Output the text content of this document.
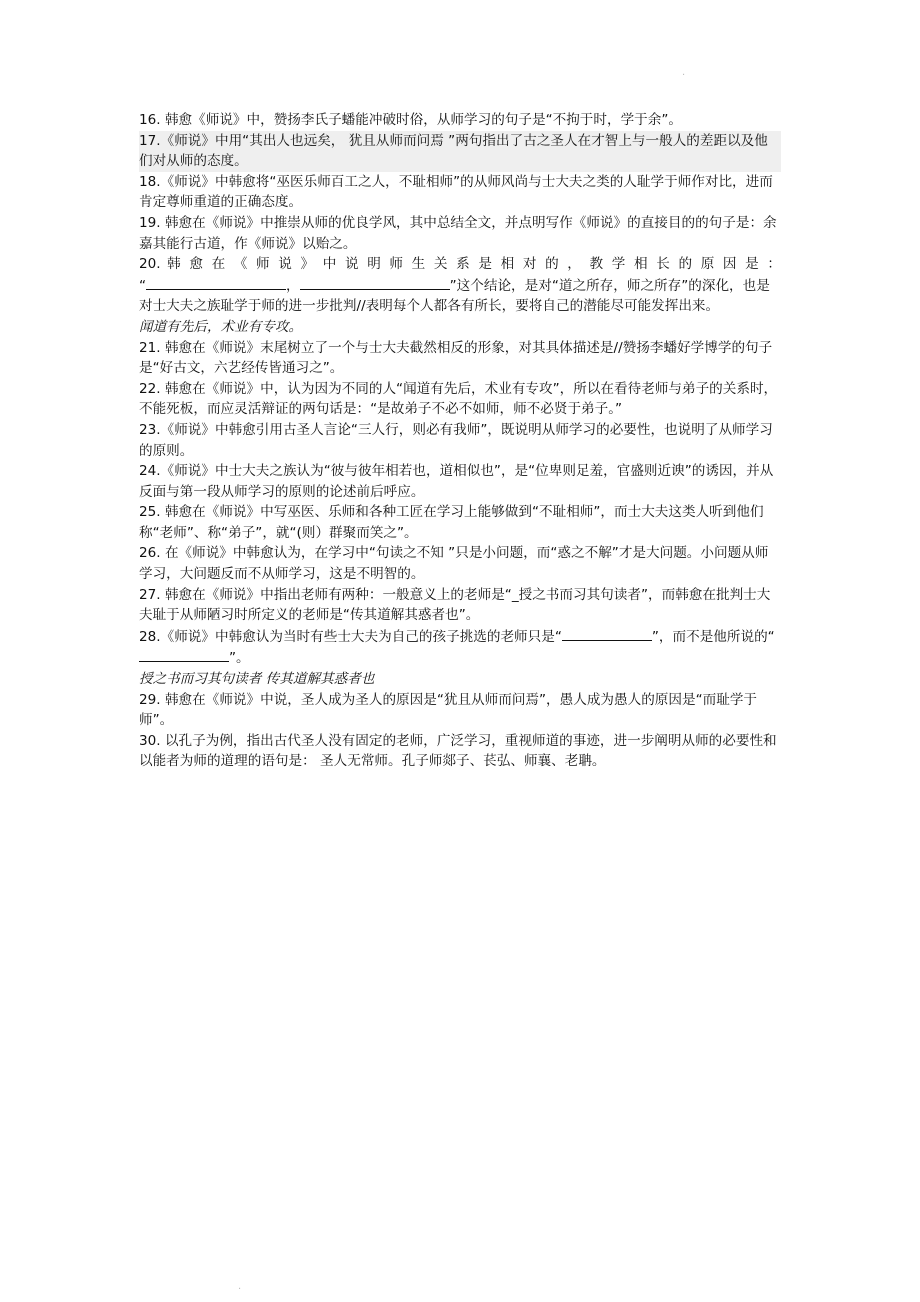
·
·

16. 韩愈《师说》中，赞扬李氏子蟠能冲破时俗，从师学习的句子是“不拘于时，学于余”。

17.《师说》中用“其出人也远矣， 犹且从师而问焉 ”两句指出了古之圣人在才智上与一般人的差距以及他们对从师的态度。

18.《师说》中韩愈将“巫医乐师百工之人，不耻相师”的从师风尚与士大夫之类的人耻学于师作对比，进而肯定尊师重道的正确态度。

19. 韩愈在《师说》中推崇从师的优良学风，其中总结全文，并点明写作《师说》的直接目的的句子是：余嘉其能行古道，作《师说》以贻之。

20. 韩 愈 在 《 师 说 》 中 说 明 师 生 关 系 是 相 对 的 ， 教 学 相 长 的 原 因 是 ：

“	，	”这个结论，是对“道之所存，师之所存”的深化，也是对士大夫之族耻学于师的进一步批判//表明每个人都各有所长，要将自己的潜能尽可能发挥出来。

闻道有先后，术业有专攻。

21. 韩愈在《师说》末尾树立了一个与士大夫截然相反的形象，对其具体描述是//赞扬李蟠好学博学的句子是“好古文，六艺经传皆通习之”。

22. 韩愈在《师说》中，认为因为不同的人“闻道有先后，术业有专攻”，所以在看待老师与弟子的关系时，不能死板，而应灵活辩证的两句话是：“是故弟子不必不如师，师不必贤于弟子。”

23.《师说》中韩愈引用古圣人言论“三人行，则必有我师”，既说明从师学习的必要性，也说明了从师学习的原则。

24.《师说》中士大夫之族认为“彼与彼年相若也，道相似也”，是“位卑则足羞，官盛则近谀”的诱因，并从反面与第一段从师学习的原则的论述前后呼应。

25. 韩愈在《师说》中写巫医、乐师和各种工匠在学习上能够做到“不耻相师”，而士大夫这类人听到他们称“老师”、称“弟子”，就“(则）群聚而笑之”。

26. 在《师说》中韩愈认为，在学习中“句读之不知 ”只是小问题，而“惑之不解”才是大问题。小问题从师学习，大问题反而不从师学习，这是不明智的。

27. 韩愈在《师说》中指出老师有两种：一般意义上的老师是“_授之书而习其句读者”，而韩愈在批判士大夫耻于从师陋习时所定义的老师是“传其道解其惑者也”。

28.《师说》中韩愈认为当时有些士大夫为自己的孩子挑选的老师只是“	”，而不是他所说的“”。

授之书而习其句读者 传其道解其惑者也

29. 韩愈在《师说》中说，圣人成为圣人的原因是“犹且从师而问焉”，愚人成为愚人的原因是“而耻学于师”。

30. 以孔子为例，指出古代圣人没有固定的老师，广泛学习，重视师道的事迹，进一步阐明从师的必要性和以能者为师的道理的语句是： 圣人无常师。孔子师郯子、苌弘、师襄、老聃。
